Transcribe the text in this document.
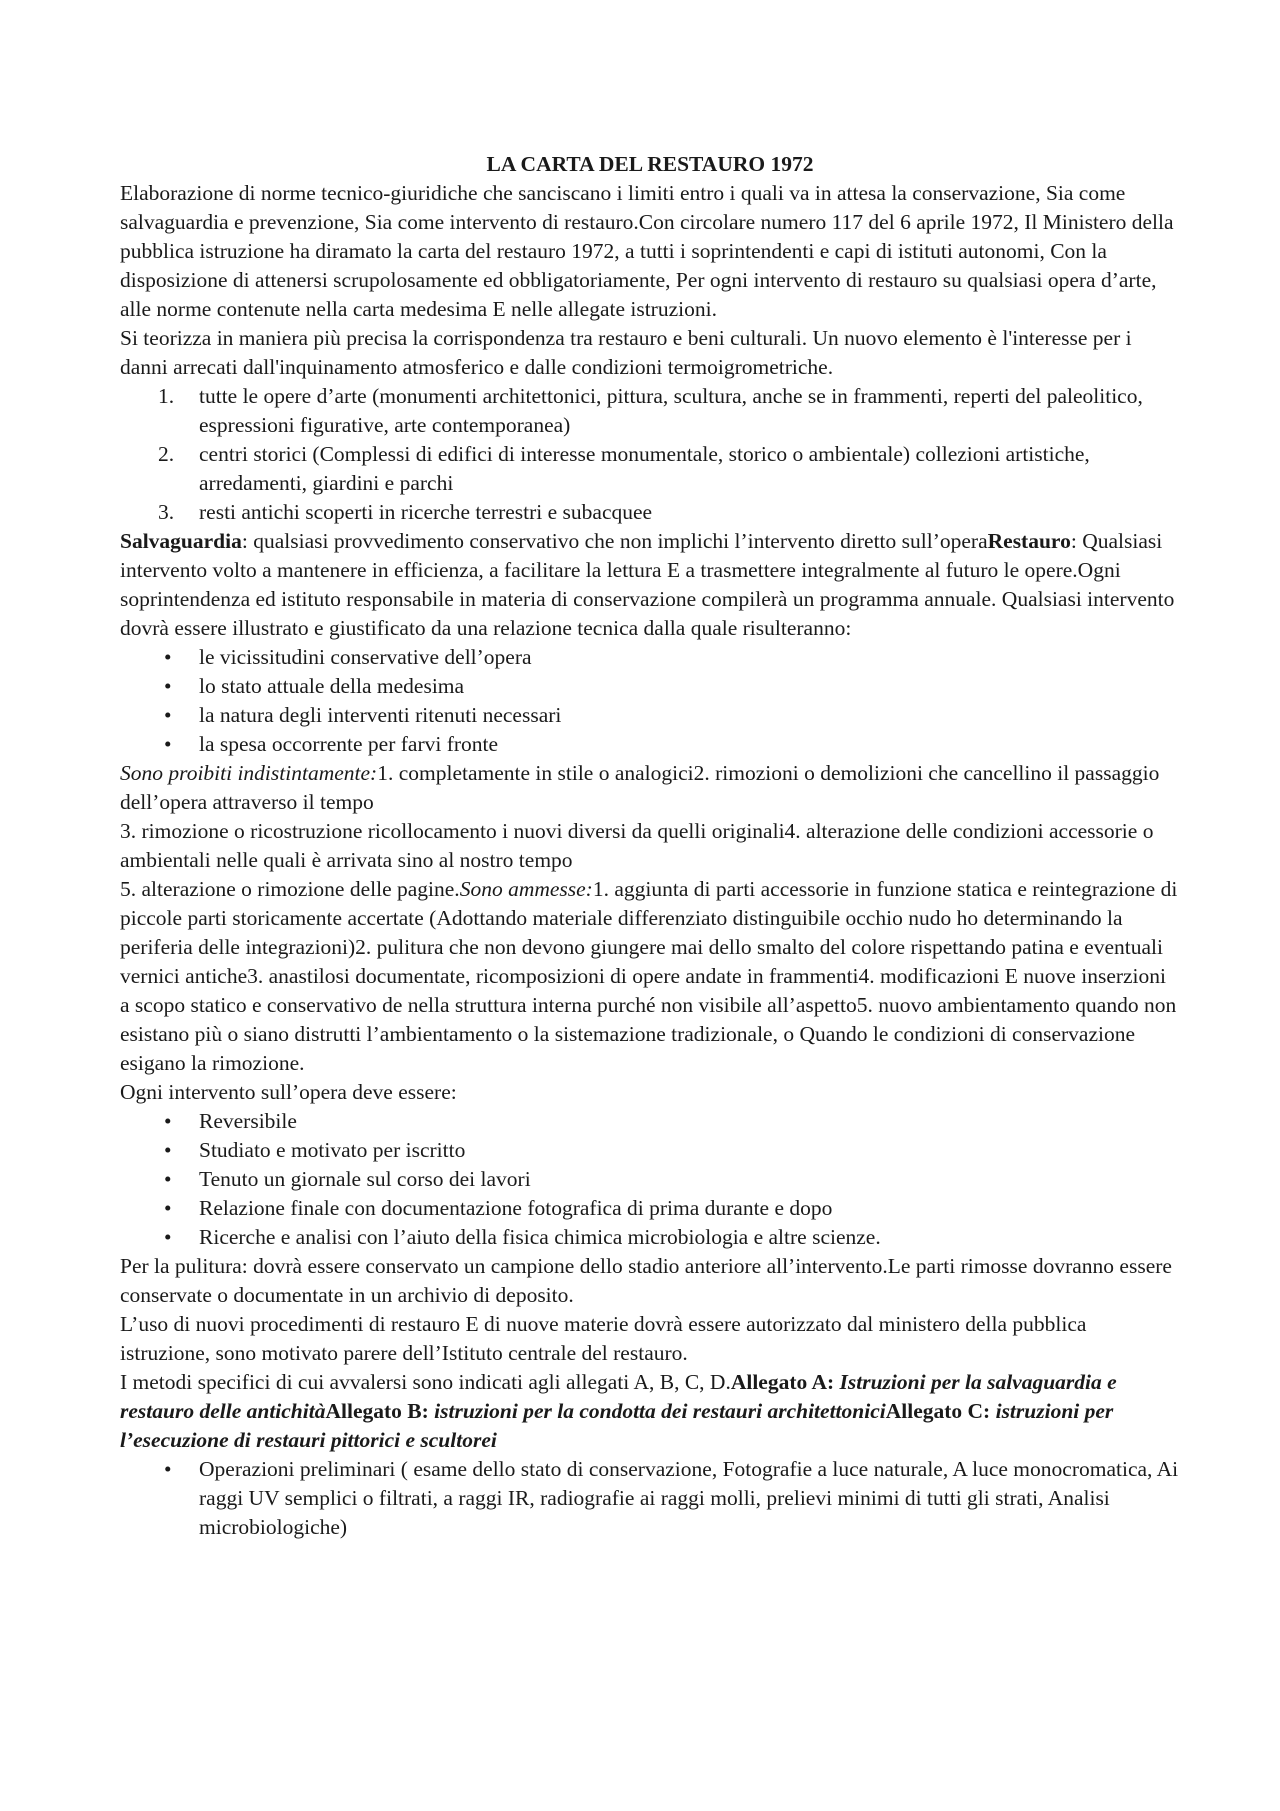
LA CARTA DEL RESTAURO 1972

Elaborazione di norme tecnico-giuridiche che sanciscano i limiti entro i quali va in attesa la conservazione, Sia come salvaguardia e prevenzione, Sia come intervento di restauro.Con circolare numero 117 del 6 aprile 1972, Il Ministero della pubblica istruzione ha diramato la carta del restauro 1972, a tutti i soprintendenti e capi di istituti autonomi, Con la disposizione di attenersi scrupolosamente ed obbligatoriamente, Per ogni intervento di restauro su qualsiasi opera d’arte, alle norme contenute nella carta medesima E nelle allegate istruzioni.

Si teorizza in maniera più precisa la corrispondenza tra restauro e beni culturali. Un nuovo elemento è l'interesse per i danni arrecati dall'inquinamento atmosferico e dalle condizioni termoigrometriche.

1. tutte le opere d’arte (monumenti architettonici, pittura, scultura, anche se in frammenti, reperti del paleolitico, espressioni figurative, arte contemporanea)
2. centri storici (Complessi di edifici di interesse monumentale, storico o ambientale) collezioni artistiche, arredamenti, giardini e parchi
3. resti antichi scoperti in ricerche terrestri e subacquee

Salvaguardia: qualsiasi provvedimento conservativo che non implichi l’intervento diretto sull’operaRestauro: Qualsiasi intervento volto a mantenere in efficienza, a facilitare la lettura E a trasmettere integralmente al futuro le opere.Ogni soprintendenza ed istituto responsabile in materia di conservazione compilerà un programma annuale. Qualsiasi intervento dovrà essere illustrato e giustificato da una relazione tecnica dalla quale risulteranno:

• le vicissitudini conservative dell’opera
• lo stato attuale della medesima
• la natura degli interventi ritenuti necessari
• la spesa occorrente per farvi fronte

Sono proibiti indistintamente:1. completamente in stile o analogici2. rimozioni o demolizioni che cancellino il passaggio dell’opera attraverso il tempo

3. rimozione o ricostruzione ricollocamento i nuovi diversi da quelli originali4. alterazione delle condizioni accessorie o ambientali nelle quali è arrivata sino al nostro tempo

5. alterazione o rimozione delle pagine.Sono ammesse:1. aggiunta di parti accessorie in funzione statica e reintegrazione di piccole parti storicamente accertate (Adottando materiale differenziato distinguibile occhio nudo ho determinando la periferia delle integrazioni)2. pulitura che non devono giungere mai dello smalto del colore rispettando patina e eventuali vernici antiche3. anastilosi documentate, ricomposizioni di opere andate in frammenti4. modificazioni E nuove inserzioni a scopo statico e conservativo de nella struttura interna purché non visibile all’aspetto5. nuovo ambientamento quando non esistano più o siano distrutti l’ambientamento o la sistemazione tradizionale, o Quando le condizioni di conservazione esigano la rimozione.

Ogni intervento sull’opera deve essere:

• Reversibile
• Studiato e motivato per iscritto
• Tenuto un giornale sul corso dei lavori
• Relazione finale con documentazione fotografica di prima durante e dopo
• Ricerche e analisi con l’aiuto della fisica chimica microbiologia e altre scienze.

Per la pulitura: dovrà essere conservato un campione dello stadio anteriore all’intervento.Le parti rimosse dovranno essere conservate o documentate in un archivio di deposito.

L’uso di nuovi procedimenti di restauro E di nuove materie dovrà essere autorizzato dal ministero della pubblica istruzione, sono motivato parere dell’Istituto centrale del restauro.

I metodi specifici di cui avvalersi sono indicati agli allegati A, B, C, D.Allegato A: Istruzioni per la salvaguardia e restauro delle antichitàAllegato B: istruzioni per la condotta dei restauri architettoniciAllegato C: istruzioni per l’esecuzione di restauri pittorici e scultorei

• Operazioni preliminari ( esame dello stato di conservazione, Fotografie a luce naturale, A luce monocromatica, Ai raggi UV semplici o filtrati, a raggi IR, radiografie ai raggi molli, prelievi minimi di tutti gli strati, Analisi microbiologiche)
